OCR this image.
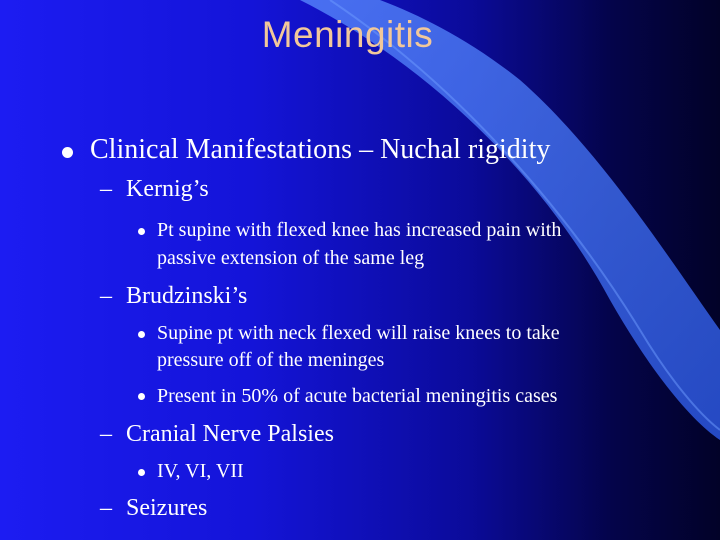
Meningitis
Clinical Manifestations – Nuchal rigidity
– Kernig’s
Pt supine with flexed knee has increased pain with
passive extension of the same leg
– Brudzinski’s
Supine pt with neck flexed will raise knees to take
pressure off of the meninges
Present in 50% of acute bacterial meningitis cases
– Cranial Nerve Palsies
IV, VI, VII
– Seizures
